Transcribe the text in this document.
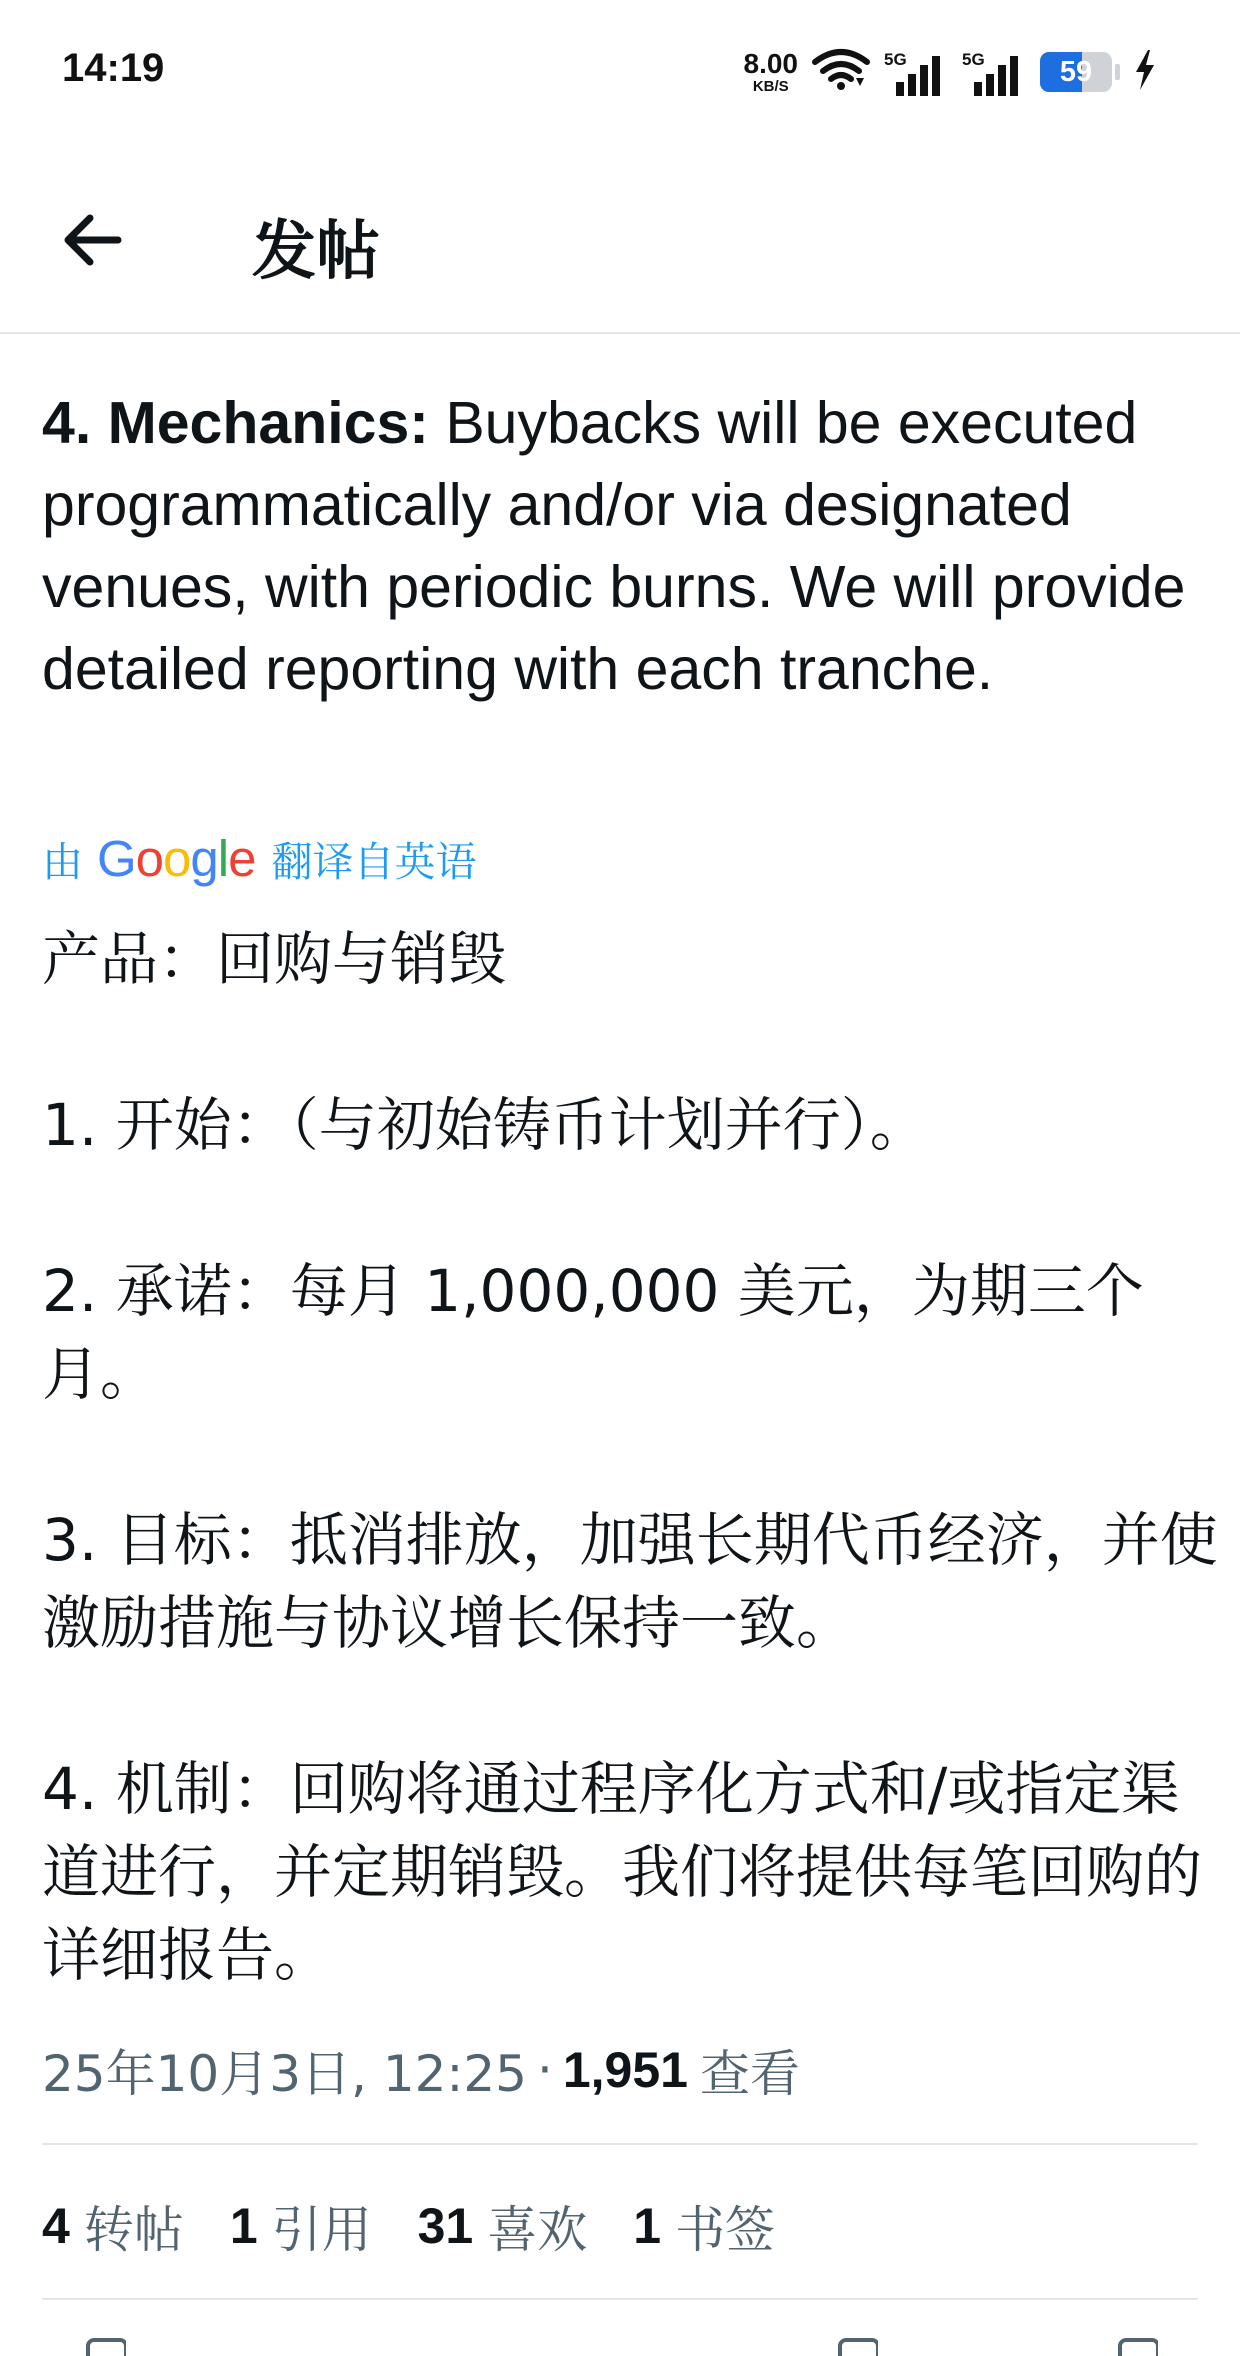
14:19	8.00
KB/S
5G	5G	59
发帖
4. Mechanics: Buybacks will be executed programmatically and/or via designated venues, with periodic burns. We will provide detailed reporting with each tranche.
由 Google 翻译自英语

产品：回购与销毁

1. 开始：（与初始铸币计划并行）。

2. 承诺：每月 1,000,000 美元，为期三个月。

3. 目标：抵消排放，加强长期代币经济，并使激励措施与协议增长保持一致。

4. 机制：回购将通过程序化方式和/或指定渠道进行，并定期销毁。我们将提供每笔回购的详细报告。

25年10月3日, 12:25 · 1,951 查看
4 转帖 1 引用 31 喜欢 1 书签
